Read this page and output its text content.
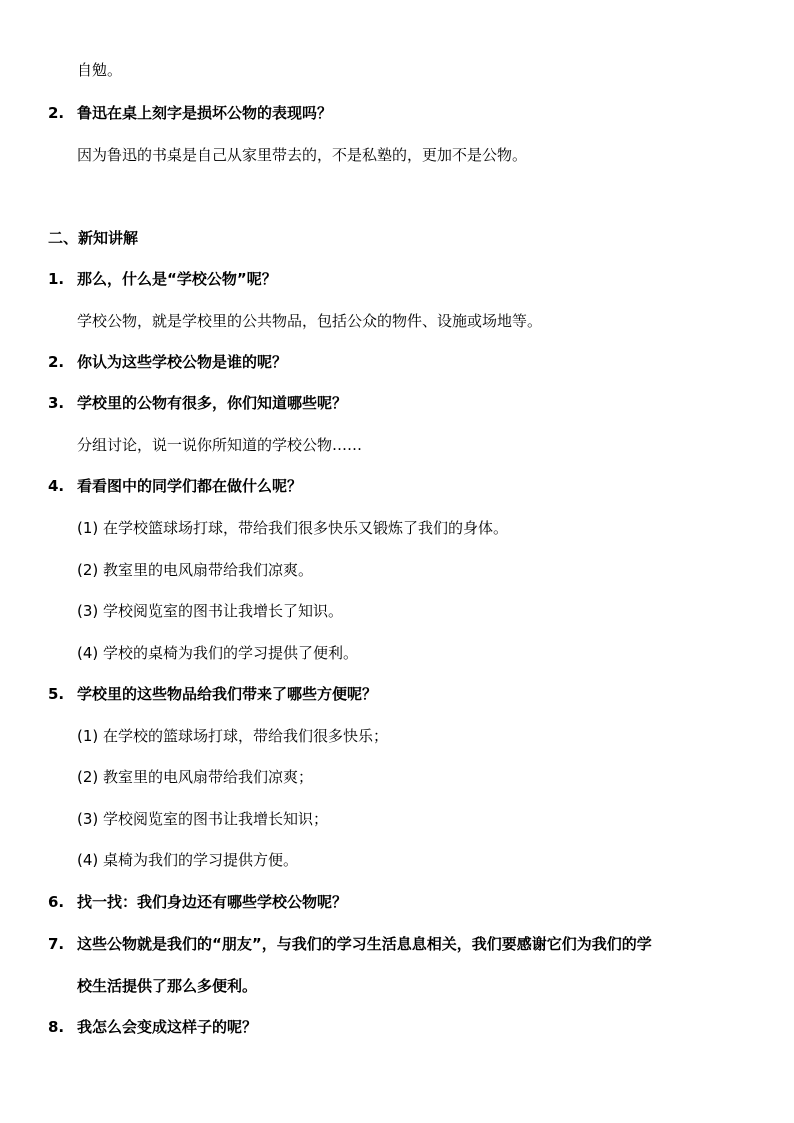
自勉。
2. 鲁迅在桌上刻字是损坏公物的表现吗？
因为鲁迅的书桌是自己从家里带去的，不是私塾的，更加不是公物。
二、新知讲解
1. 那么，什么是“学校公物”呢？
学校公物，就是学校里的公共物品，包括公众的物件、设施或场地等。
2. 你认为这些学校公物是谁的呢？
3. 学校里的公物有很多，你们知道哪些呢？
分组讨论，说一说你所知道的学校公物……
4. 看看图中的同学们都在做什么呢？
(1) 在学校篮球场打球，带给我们很多快乐又锻炼了我们的身体。
(2) 教室里的电风扇带给我们凉爽。
(3) 学校阅览室的图书让我增长了知识。
(4) 学校的桌椅为我们的学习提供了便利。
5. 学校里的这些物品给我们带来了哪些方便呢？
(1) 在学校的篮球场打球，带给我们很多快乐；
(2) 教室里的电风扇带给我们凉爽；
(3) 学校阅览室的图书让我增长知识；
(4) 桌椅为我们的学习提供方便。
6. 找一找：我们身边还有哪些学校公物呢？
7. 这些公物就是我们的“朋友”，与我们的学习生活息息相关，我们要感谢它们为我们的学
校生活提供了那么多便利。
8. 我怎么会变成这样子的呢？
